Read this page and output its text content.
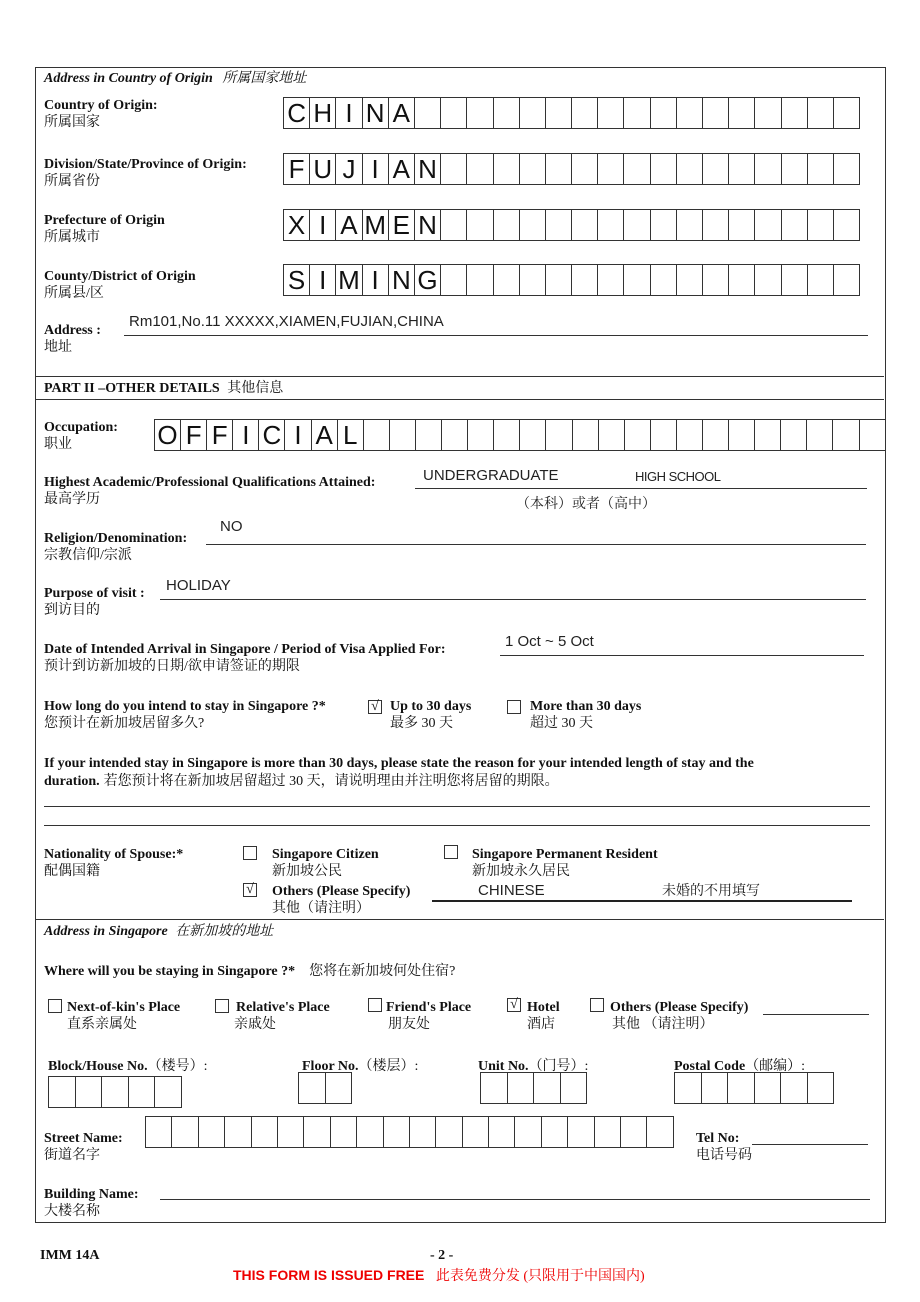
Address in Country of Origin 所属国家地址
Country of Origin:
所属国家	C H I N A
Division/State/Province of Origin:
所属省份	F U J I A N
Prefecture of Origin
所属城市	X I A M E N
County/District of Origin
所属县/区	S I M I N G
Address :
地址
Rm101,No.11 XXXXX,XIAMEN,FUJIAN,CHINA
PART II –OTHER DETAILS 其他信息
Occupation:
职业	O F F I C I A L
Highest Academic/Professional Qualifications Attained:
最高学历
UNDERGRADUATE	HIGH SCHOOL
（本科）或者（高中）
Religion/Denomination:
宗教信仰/宗派
NO
Purpose of visit :
到访目的
HOLIDAY
Date of Intended Arrival in Singapore / Period of Visa Applied For:
预计到访新加坡的日期/欲申请签证的期限
1 Oct ~ 5 Oct
How long do you intend to stay in Singapore ?*
您预计在新加坡居留多久?
√ Up to 30 days
最多 30 天
More than 30 days
超过 30 天
If your intended stay in Singapore is more than 30 days, please state the reason for your intended length of stay and the
duration. 若您预计将在新加坡居留超过 30 天，请说明理由并注明您将居留的期限。
Nationality of Spouse:*
配偶国籍
Singapore Citizen
新加坡公民
Singapore Permanent Resident
新加坡永久居民
√ Others (Please Specify)
其他（请注明）
CHINESE	未婚的不用填写
Address in Singapore 在新加坡的地址
Where will you be staying in Singapore ?* 您将在新加坡何处住宿?
Next-of-kin's Place
直系亲属处
Relative's Place
亲戚处
Friend's Place
朋友处
√ Hotel
酒店
Others (Please Specify)
其他 （请注明）
Block/House No.（楼号）:	Floor No.（楼层）:	Unit No.（门号）:	Postal Code（邮编）:
Street Name:
街道名字
Tel No:
电话号码
Building Name:
大楼名称
IMM 14A	- 2 -
THIS FORM IS ISSUED FREE 此表免费分发 (只限用于中国国内)
